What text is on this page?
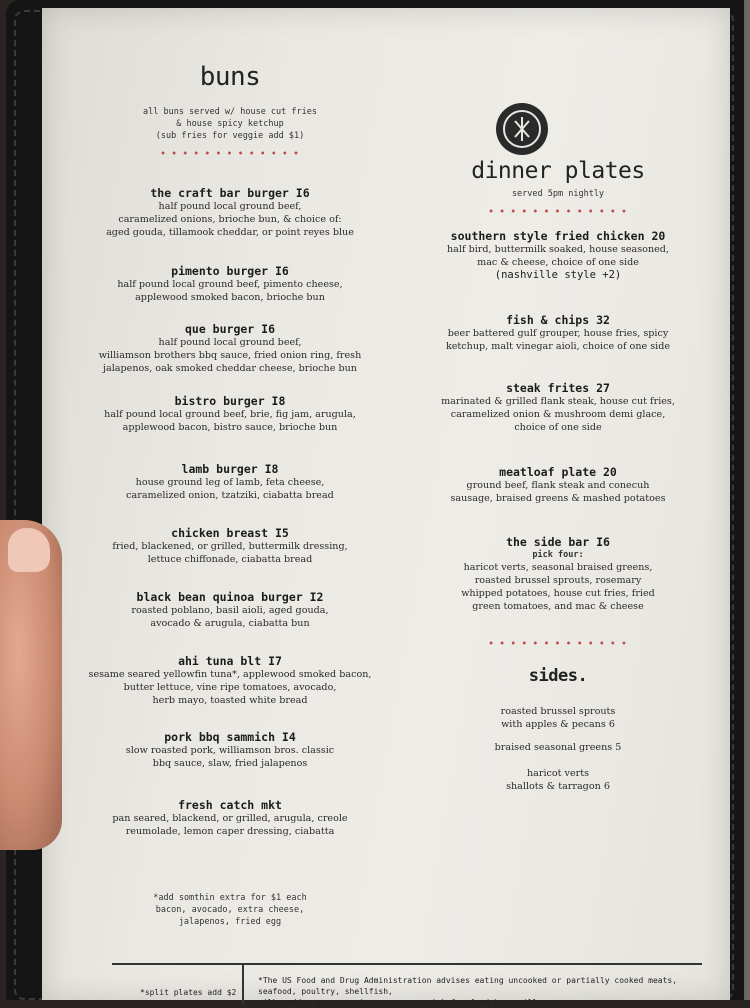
buns
all buns served w/ house cut fries
& house spicy ketchup
(sub fries for veggie add $1)
• • • • • • • • • • • • •
the craft bar burger I6
half pound local ground beef,
caramelized onions, brioche bun, & choice of:
aged gouda, tillamook cheddar, or point reyes blue
pimento burger I6
half pound local ground beef, pimento cheese,
applewood smoked bacon, brioche bun
que burger I6
half pound local ground beef,
williamson brothers bbq sauce, fried onion ring, fresh
jalapenos, oak smoked cheddar cheese, brioche bun
bistro burger I8
half pound local ground beef, brie, fig jam, arugula,
applewood bacon, bistro sauce, brioche bun
lamb burger I8
house ground leg of lamb, feta cheese,
caramelized onion, tzatziki, ciabatta bread
chicken breast I5
fried, blackened, or grilled, buttermilk dressing,
lettuce chiffonade, ciabatta bread
black bean quinoa burger I2
roasted poblano, basil aioli, aged gouda,
avocado & arugula, ciabatta bun
ahi tuna blt I7
sesame seared yellowfin tuna*, applewood smoked bacon,
butter lettuce, vine ripe tomatoes, avocado,
herb mayo, toasted white bread
pork bbq sammich I4
slow roasted pork, williamson bros. classic
bbq sauce, slaw, fried jalapenos
fresh catch mkt
pan seared, blackend, or grilled, arugula, creole
reumolade, lemon caper dressing, ciabatta
*add somthin extra for $1 each
bacon, avocado, extra cheese,
jalapenos, fried egg
dinner plates
served 5pm nightly
• • • • • • • • • • • • •
southern style fried chicken 20
half bird, buttermilk soaked, house seasoned,
mac & cheese, choice of one side
(nashville style +2)
fish & chips 32
beer battered gulf grouper, house fries, spicy
ketchup, malt vinegar aioli, choice of one side
steak frites 27
marinated & grilled flank steak, house cut fries,
caramelized onion & mushroom demi glace,
choice of one side
meatloaf plate 20
ground beef, flank steak and conecuh
sausage, braised greens & mashed potatoes
the side bar I6
pick four:
haricot verts, seasonal braised greens,
roasted brussel sprouts, rosemary
whipped potatoes, house cut fries, fried
green tomatoes, and mac & cheese
• • • • • • • • • • • • •
sides.
roasted brussel sprouts
with apples & pecans 6
braised seasonal greens 5
haricot verts
shallots & tarragon 6
*split plates add $2
*The US Food and Drug Administration advises eating uncooked or partially cooked meats, seafood, poultry, shellfish,
milk and/or eggs may increase your risk for food borne illness
